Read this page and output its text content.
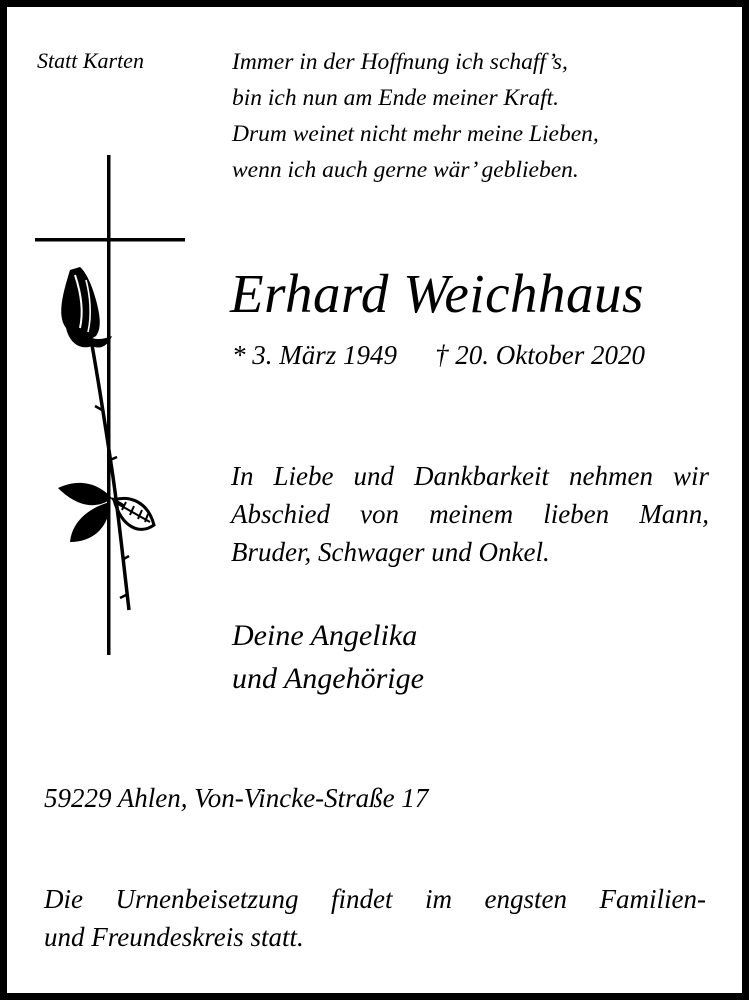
Statt Karten	Immer in der Hoffnung ich schaff’s,
bin ich nun am Ende meiner Kraft.
Drum weinet nicht mehr meine Lieben,
wenn ich auch gerne wär’ geblieben.
Erhard Weichhaus
* 3. März 1949 † 20. Oktober 2020
In Liebe und Dankbarkeit nehmen wir
Abschied von meinem lieben Mann,
Bruder, Schwager und Onkel.
Deine Angelika
und Angehörige
59229 Ahlen, Von-Vincke-Straße 17
Die Urnenbeisetzung findet im engsten Familien-
und Freundeskreis statt.
